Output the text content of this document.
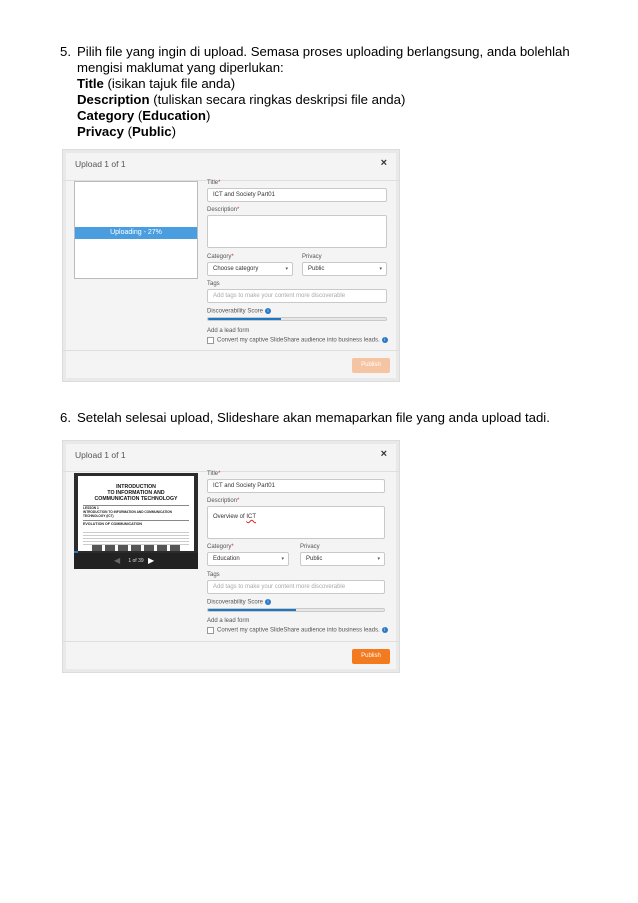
5. Pilih file yang ingin di upload. Semasa proses uploading berlangsung, anda bolehlah
mengisi maklumat yang diperlukan:
Title (isikan tajuk file anda)
Description (tuliskan secara ringkas deskripsi file anda)
Category (Education)
Privacy (Public)
Upload 1 of 1	×
Uploading - 27%
Title*
ICT and Society Part01
Description*
Category*
Choose category	▾
Privacy
Public	▾
Tags
Add tags to make your content more discoverable
Discoverability Score i
Add a lead form
Convert my captive SlideShare audience into business leads. i
Publish
6. Setelah selesai upload, Slideshare akan memaparkan file yang anda upload tadi.
Upload 1 of 1	×
INTRODUCTION
TO INFORMATION AND
COMMUNICATION TECHNOLOGY
LESSON 1
INTRODUCTION TO INFORMATION AND COMMUNICATION TECHNOLOGY (ICT)
EVOLUTION OF COMMUNICATION
◀ 1 of 39 ▶
Title*
ICT and Society Part01
Description*
Overview of ICT
Category*
Education	▾
Privacy
Public	▾
Tags
Add tags to make your content more discoverable
Discoverability Score i
Add a lead form
Convert my captive SlideShare audience into business leads. i
Publish
